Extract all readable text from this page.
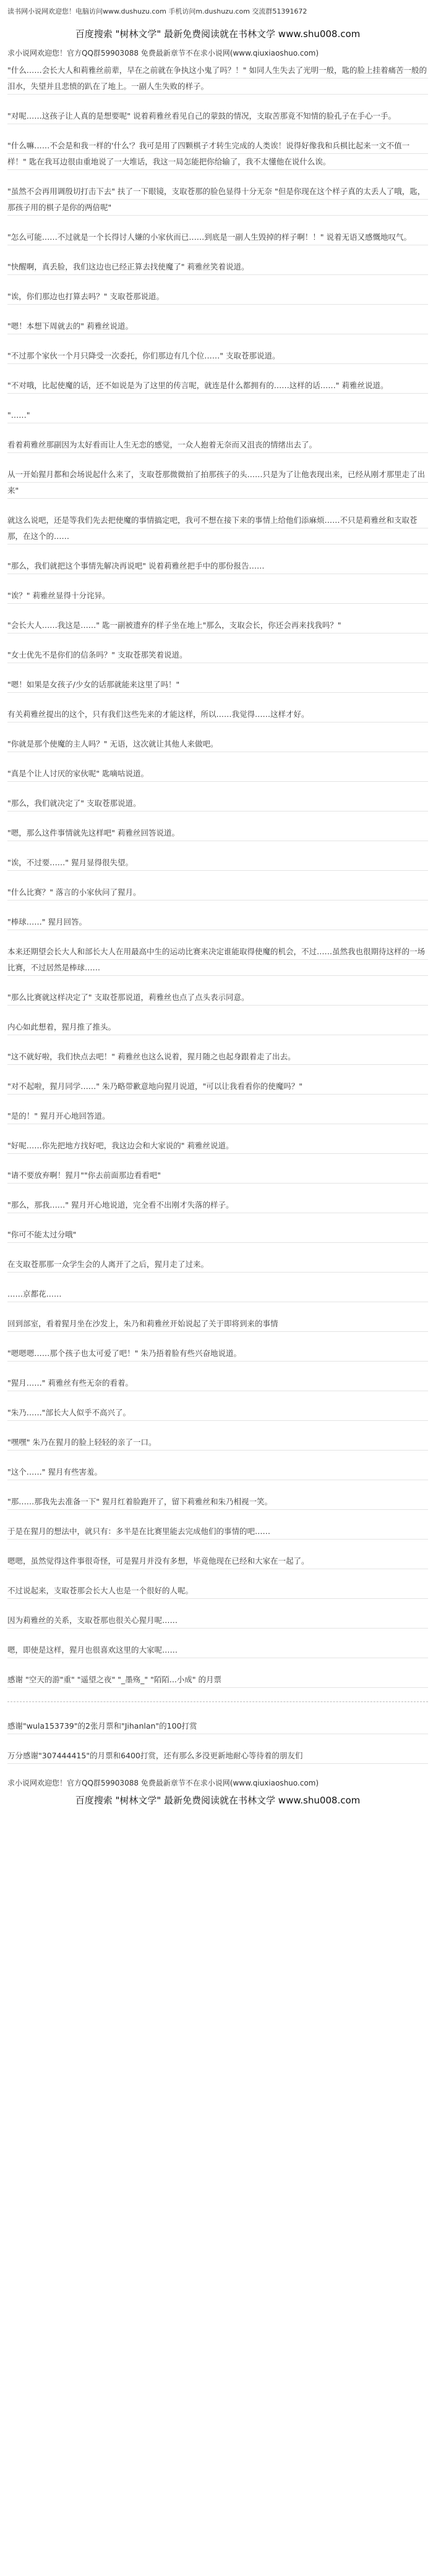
读书网小说网欢迎您！电脑访问www.dushuzu.com 手机访问m.dushuzu.com 交流群51391672
百度搜索 "树林文学" 最新免费阅读就在书林文学 www.shu008.com
求小说网欢迎您！官方QQ群59903088 免费最新章节不在求小说网(www.qiuxiaoshuo.com)
"什么……会长大人和莉雅丝前辈，早在之前就在争执这小鬼了吗？！" 如同人生失去了光明一般，匙的脸上挂着痛苦一般的泪水，失望并且悲愤的趴在了地上。一副人生失败的样子。
"对呢……这孩子让人真的是想要呢" 说着莉雅丝看见自己的蒙鼓的情况，支取苦那竟不知情的脸孔子在手心一手。
"什么嘛……不会是和我一样的'什么'？我可是用了四颗棋子才转生完成的人类诶！说得好像我和兵棋比起来一文不值一样！" 匙在我耳边很由重地说了一大堆话，我这一局怎能把你给输了，我不太懂他在说什么诶。
"虽然不会再用调殷切打击下去" 扶了一下眼镜，支取苍那的脸色显得十分无奈 "但是你现在这个样子真的太丢人了哦，匙，那孩子用的棋子是你的两倍呢"
"怎么可能……不过就是一个长得讨人嫌的小家伙而已……到底是一副人生毁掉的样子啊！！" 说着无语又感慨地叹气。
"快醒啊，真丢脸，我们这边也已经正算去找使魔了" 莉雅丝笑着说道。
"诶，你们那边也打算去吗？" 支取苍那说道。
"嗯！本想下周就去的" 莉雅丝说道。
"不过那个家伙一个月只降受一次委托，你们那边有几个位……" 支取苍那说道。
"不对哦，比起使魔的话，还不如说是为了这里的传言呢，就连是什么都拥有的……这样的话……" 莉雅丝说道。
"……"
看着莉雅丝那副因为太好看而让人生无恋的感觉，一众人抱着无奈而又沮丧的情绪出去了。
从一开始猩月都和会场说起什么来了，支取苍那微微拍了拍那孩子的头……只是为了让他表现出来，已经从刚才那里走了出来"
就这么说吧，还是等我们先去把使魔的事情搞定吧，我可不想在接下来的事情上给他们添麻烦……不只是莉雅丝和支取苍那，在这个的……
"那么，我们就把这个事情先解决再说吧" 说着莉雅丝把手中的那份报告……
"诶？" 莉雅丝显得十分诧异。
"会长大人……我这是……" 匙一副被遗弃的样子坐在地上"那么，支取会长，你还会再来找我吗？"
"女士优先不是你们的信条吗？" 支取苍那笑着说道。
"嗯！如果是女孩子/少女的话那就能来这里了吗！"
有关莉雅丝提出的这个，只有我们这些先来的才能这样，所以……我觉得……这样才好。
"你就是那个使魔的主人吗？" 无语，这次就让其他人来做吧。
"真是个让人讨厌的家伙呢" 匙嘀咕说道。
"那么，我们就决定了" 支取苍那说道。
"嗯，那么这件事情就先这样吧" 莉雅丝回答说道。
"诶，不过要……" 猩月显得很失望。
"什么比赛？" 落言的小家伙问了猩月。
"棒球……" 猩月回答。
本来还期望会长大人和部长大人在用最高中生的运动比赛来决定谁能取得使魔的机会，不过……虽然我也很期待这样的一场比赛，不过居然是棒球……
"那么比赛就这样决定了" 支取苍那说道，莉雅丝也点了点头表示同意。
内心如此想着，猩月推了推头。
"这不就好啦，我们快点去吧！" 莉雅丝也这么说着，猩月随之也起身跟着走了出去。
"对不起啦，猩月同学……" 朱乃略带歉意地向猩月说道，"可以让我看看你的使魔吗？"
"是的！" 猩月开心地回答道。
"好呢……你先把地方找好吧，我这边会和大家说的" 莉雅丝说道。
"请不要放弃啊！猩月""你去前面那边看看吧"
"那么，那我……" 猩月开心地说道，完全看不出刚才失落的样子。
"你可不能太过分哦"
在支取苍那那一众学生会的人离开了之后，猩月走了过来。
……京都花……
回到部室，看着猩月坐在沙发上，朱乃和莉雅丝开始说起了关于即将到来的事情
"嗯嗯嗯……那个孩子也太可爱了吧！" 朱乃捂着脸有些兴奋地说道。
"猩月……" 莉雅丝有些无奈的看着。
"朱乃……"部长大人似乎不高兴了。
"嘿嘿" 朱乃在猩月的脸上轻轻的亲了一口。
"这个……" 猩月有些害羞。
"那……那我先去准备一下" 猩月红着脸跑开了，留下莉雅丝和朱乃相视一笑。
于是在猩月的想法中，就只有：多半是在比赛里能去完成他们的事情的吧……
嗯嗯，虽然觉得这件事很奇怪，可是猩月并没有多想，毕竟他现在已经和大家在一起了。
不过说起来，支取苍那会长大人也是一个很好的人呢。
因为莉雅丝的关系，支取苍那也很关心猩月呢……
嗯，即使是这样，猩月也很喜欢这里的大家呢……
感谢 "空天的游"重" "遥望之夜" "_墨殇_" "陌陌...小成" 的月票
感谢"wula153739"的2张月票和"Jihanlan"的100打赏
万分感谢"307444415"的月票和6400打赏，还有那么多没更新地耐心等待着的朋友们
求小说网欢迎您！官方QQ群59903088 免费最新章节不在求小说网(www.qiuxiaoshuo.com)
百度搜索 "树林文学" 最新免费阅读就在书林文学 www.shu008.com
